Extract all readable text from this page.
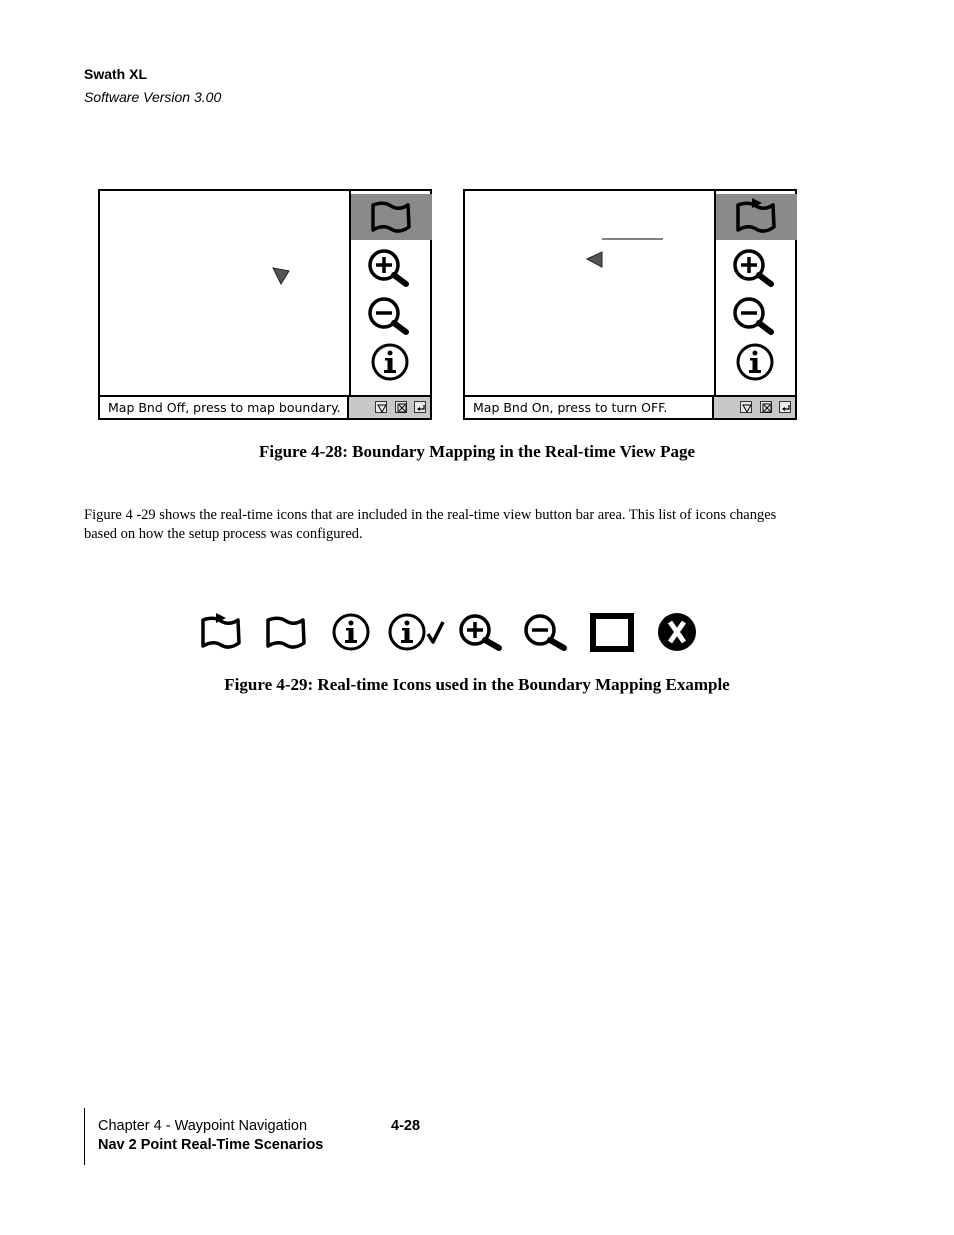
Swath XL
Software Version 3.00
Map Bnd Off, press to map boundary.	Map Bnd On, press to turn OFF.
Figure 4-28: Boundary Mapping in the Real-time View Page
Figure 4 -29 shows the real-time icons that are included in the real-time view button bar area. This list of icons changes based on how the setup process was configured.
Figure 4-29: Real-time Icons used in the Boundary Mapping Example
Chapter 4 - Waypoint Navigation	4-28
Nav 2 Point Real-Time Scenarios
